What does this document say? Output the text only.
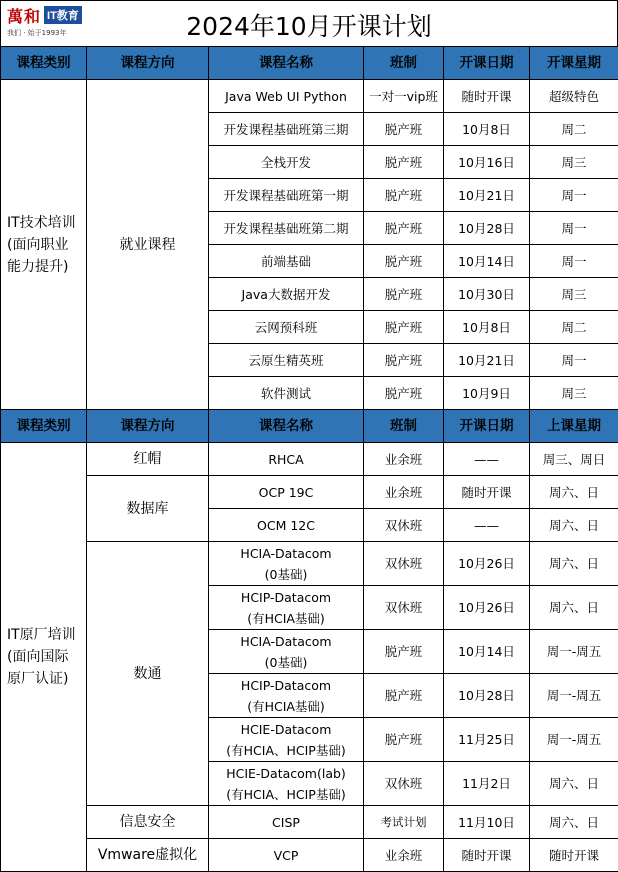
萬和 IT教育
我们 · 始于1993年	2024年10月开课计划
课程类别	课程方向	课程名称	班制	开课日期	开课星期
IT技术培训
(面向职业
能力提升)	就业课程	Java Web UI Python	一对一vip班	随时开课	超级特色
		开发课程基础班第三期	脱产班	10月8日	周二
		全栈开发	脱产班	10月16日	周三
		开发课程基础班第一期	脱产班	10月21日	周一
		开发课程基础班第二期	脱产班	10月28日	周一
		前端基础	脱产班	10月14日	周一
		Java大数据开发	脱产班	10月30日	周三
		云网预科班	脱产班	10月8日	周二
		云原生精英班	脱产班	10月21日	周一
		软件测试	脱产班	10月9日	周三
课程类别	课程方向	课程名称	班制	开课日期	上课星期
IT原厂培训
(面向国际
原厂认证)	红帽	RHCA	业余班	——	周三、周日
	数据库	OCP 19C	业余班	随时开课	周六、日
		OCM 12C	双休班	——	周六、日
	数通	HCIA-Datacom
(0基础)	双休班	10月26日	周六、日
		HCIP-Datacom
(有HCIA基础)	双休班	10月26日	周六、日
		HCIA-Datacom
(0基础)	脱产班	10月14日	周一-周五
		HCIP-Datacom
(有HCIA基础)	脱产班	10月28日	周一-周五
		HCIE-Datacom
(有HCIA、HCIP基础)	脱产班	11月25日	周一-周五
		HCIE-Datacom(lab)
(有HCIA、HCIP基础)	双休班	11月2日	周六、日
	信息安全	CISP	考试计划	11月10日	周六、日
	Vmware虚拟化	VCP	业余班	随时开课	随时开课
